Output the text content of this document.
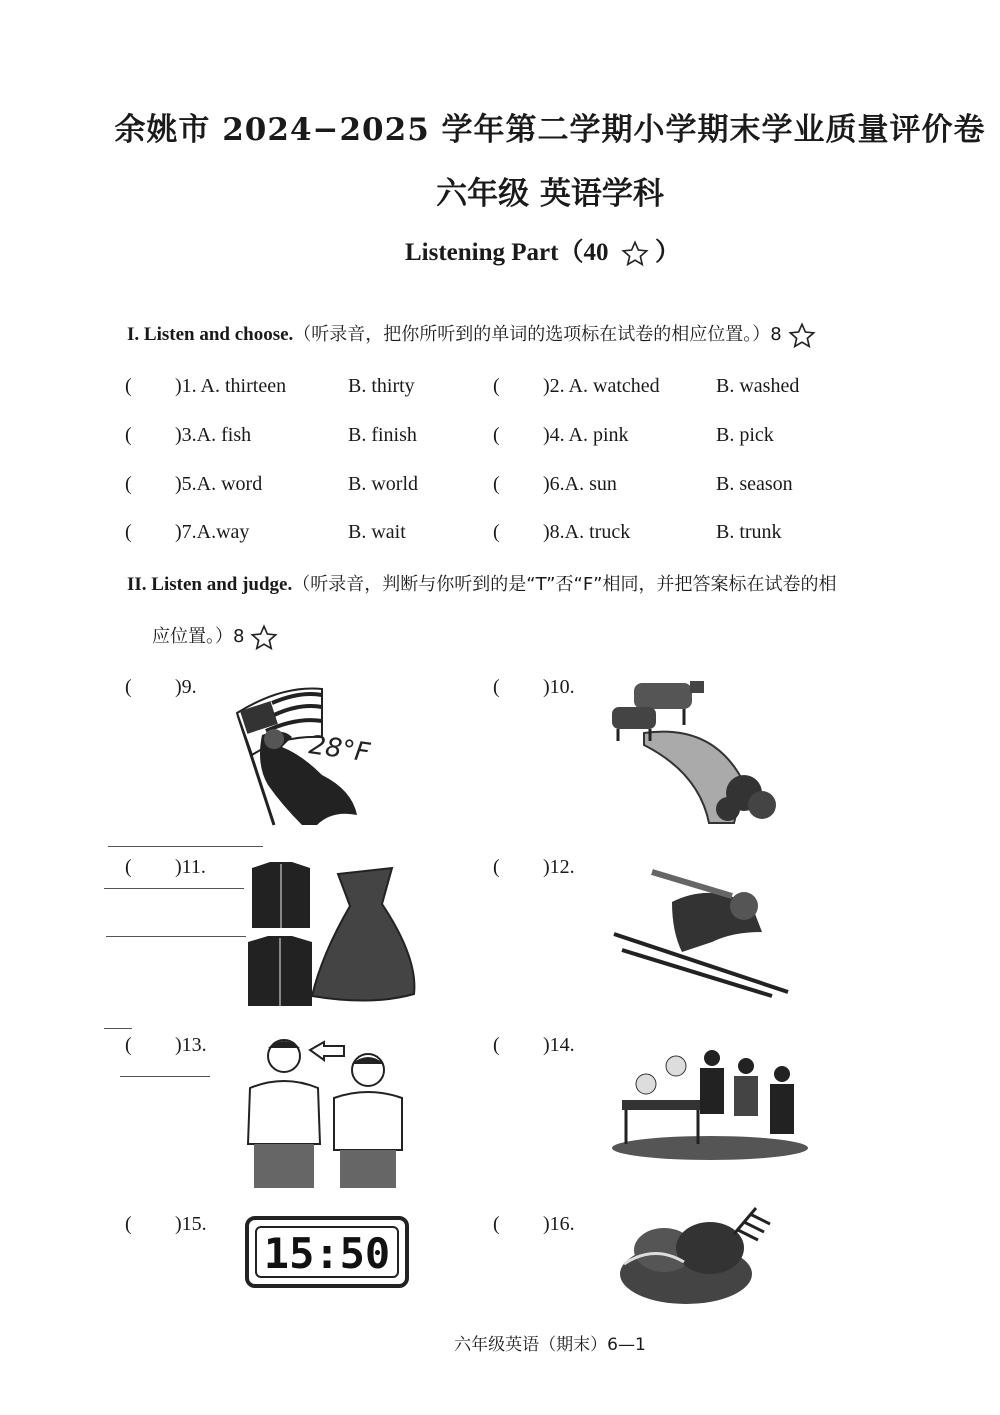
余姚市 2024−2025 学年第二学期小学期末学业质量评价卷
六年级 英语学科
Listening Part（40 ）
I. Listen and choose.（听录音，把你所听到的单词的选项标在试卷的相应位置。）8
( )1. A. thirteen	B. thirty	( )2. A. watched	B. washed
( )3.A. fish	B. finish	( )4. A. pink	B. pick
( )5.A. word	B. world	( )6.A. sun	B. season
( )7.A.way	B. wait	( )8.A. truck	B. trunk
II. Listen and judge.（听录音，判断与你听到的是“T”否“F”相同，并把答案标在试卷的相
应位置。）8
( )9.
28°F
( )10.
( )11.	( )12.
( )13.	( )14.
( )15.
15:50
( )16.
六年级英语（期末）6—1
